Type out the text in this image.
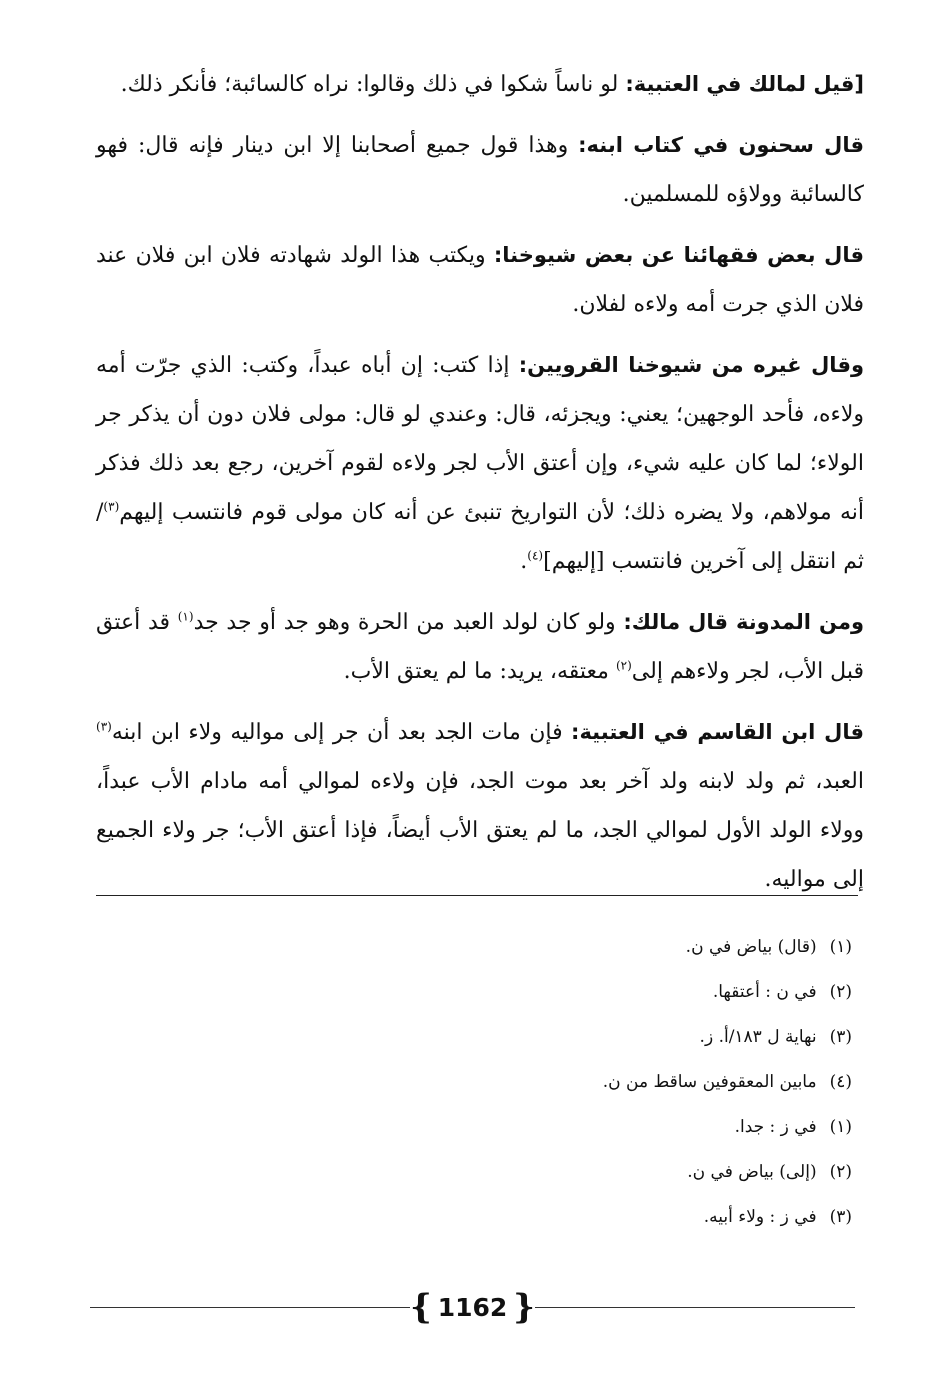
[قيل لمالك في العتبية: لو ناساً شكوا في ذلك وقالوا: نراه كالسائبة؛ فأنكر ذلك.

قال سحنون في كتاب ابنه: وهذا قول جميع أصحابنا إلا ابن دينار فإنه قال: فهو كالسائبة وولاؤه للمسلمين.

قال بعض فقهائنا عن بعض شيوخنا: ويكتب هذا الولد شهادته فلان ابن فلان عند فلان الذي جرت أمه ولاءه لفلان.

وقال غيره من شيوخنا القرويين: إذا كتب: إن أباه عبداً، وكتب: الذي جرّت أمه ولاءه، فأحد الوجهين؛ يعني: ويجزئه، قال: وعندي لو قال: مولى فلان دون أن يذكر جر الولاء؛ لما كان عليه شيء، وإن أعتق الأب لجر ولاءه لقوم آخرين، رجع بعد ذلك فذكر أنه مولاهم، ولا يضره ذلك؛ لأن التواريخ تنبئ عن أنه كان مولى قوم فانتسب إليهم$^{(٣)}$/ ثم انتقل إلى آخرين فانتسب [إليهم]$^{(٤)}$.

ومن المدونة قال مالك: ولو كان لولد العبد من الحرة وهو جد أو جد جد$^{(١)}$ قد أعتق قبل الأب، لجر ولاءهم إلى$^{(٢)}$ معتقه، يريد: ما لم يعتق الأب.

قال ابن القاسم في العتبية: فإن مات الجد بعد أن جر إلى مواليه ولاء ابن ابنه$^{(٣)}$ العبد، ثم ولد لابنه ولد آخر بعد موت الجد، فإن ولاءه لموالي أمه مادام الأب عبداً، وولاء الولد الأول لموالي الجد، ما لم يعتق الأب أيضاً، فإذا أعتق الأب؛ جر ولاء الجميع إلى مواليه.

(١) (قال) بياض في ن.
(٢) في ن : أعتقها.
(٣) نهاية ل ١٨٣/أ. ز.
(٤) مابين المعقوفين ساقط من ن.
(١) في ز : جدا.
(٢) (إلى) بياض في ن.
(٣) في ز : ولاء أبيه.
{ 1162 }
